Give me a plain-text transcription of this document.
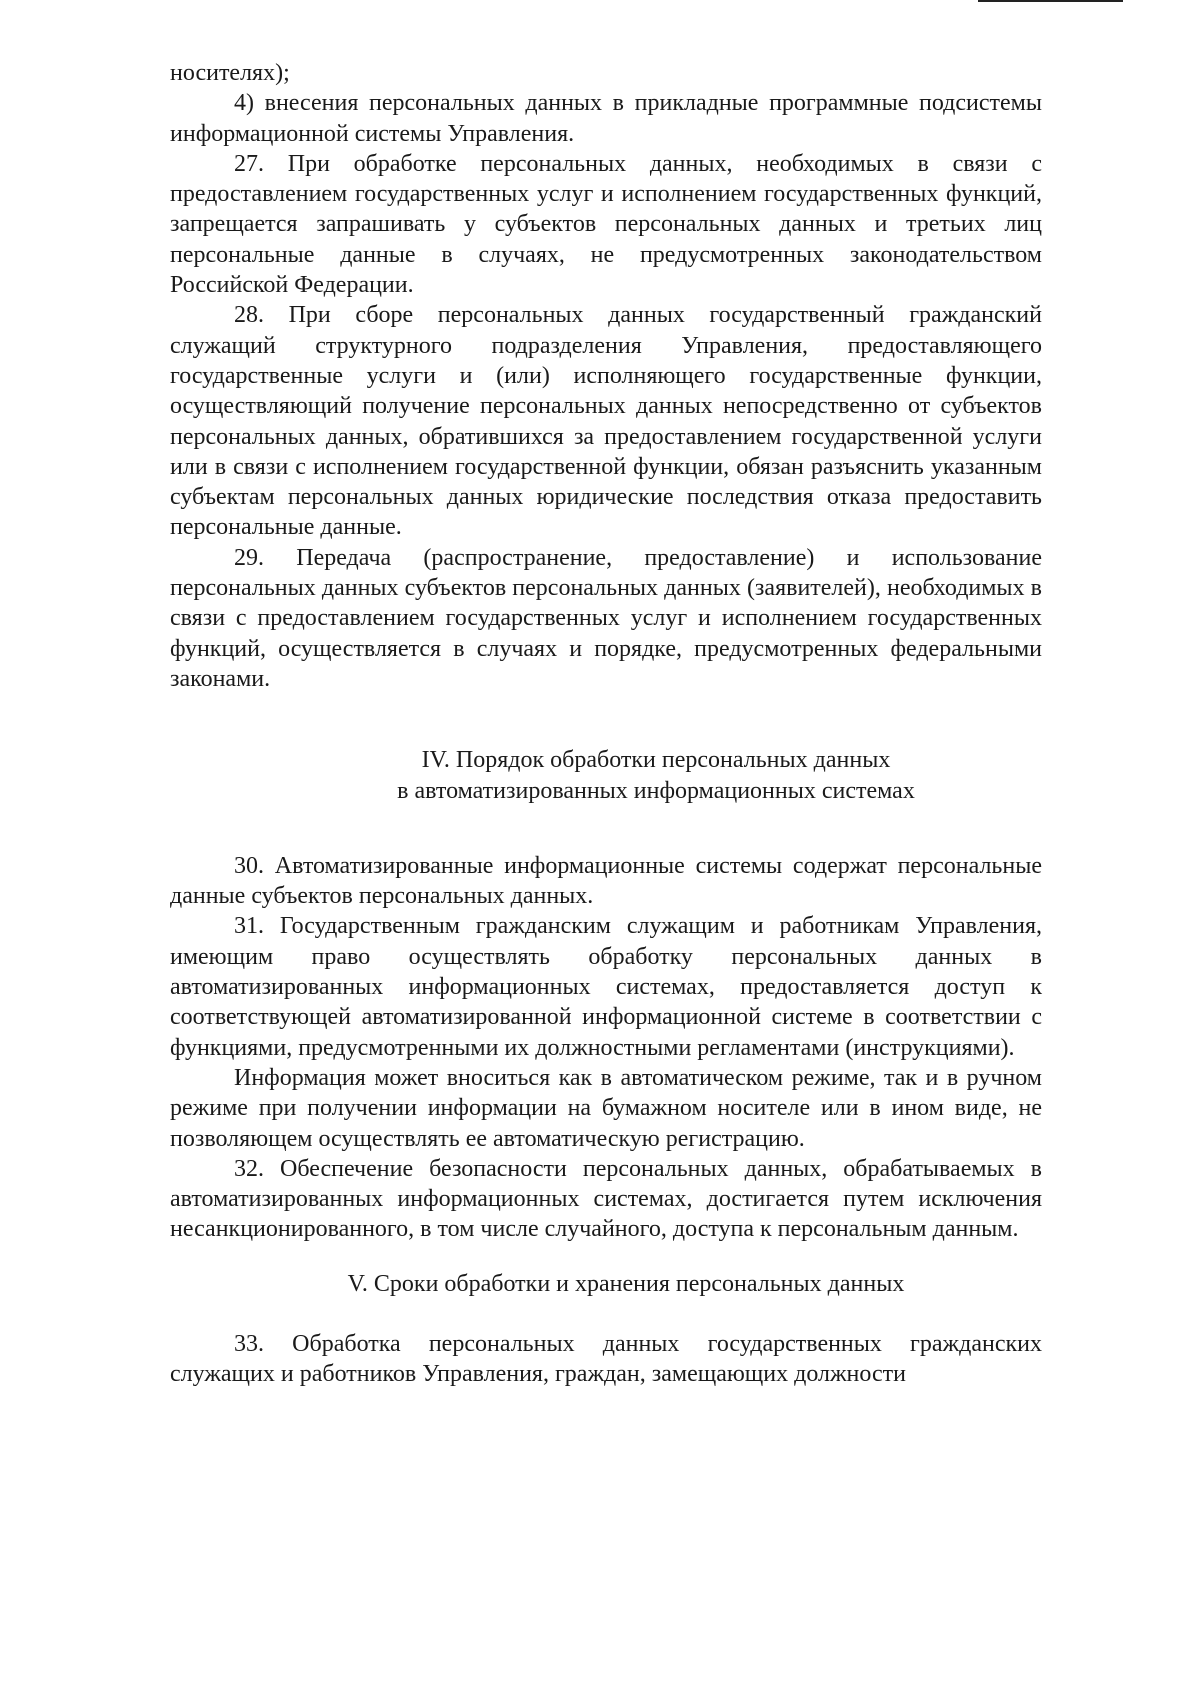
носителях);

4) внесения персональных данных в прикладные программные подсистемы информационной системы Управления.

27. При обработке персональных данных, необходимых в связи с предоставлением государственных услуг и исполнением государственных функций, запрещается запрашивать у субъектов персональных данных и третьих лиц персональные данные в случаях, не предусмотренных законодательством Российской Федерации.

28. При сборе персональных данных государственный гражданский служащий структурного подразделения Управления, предоставляющего государственные услуги и (или) исполняющего государственные функции, осуществляющий получение персональных данных непосредственно от субъектов персональных данных, обратившихся за предоставлением государственной услуги или в связи с исполнением государственной функции, обязан разъяснить указанным субъектам персональных данных юридические последствия отказа предоставить персональные данные.

29. Передача (распространение, предоставление) и использование персональных данных субъектов персональных данных (заявителей), необходимых в связи с предоставлением государственных услуг и исполнением государственных функций, осуществляется в случаях и порядке, предусмотренных федеральными законами.

IV. Порядок обработки персональных данных
в автоматизированных информационных системах

30. Автоматизированные информационные системы содержат персональные данные субъектов персональных данных.

31. Государственным гражданским служащим и работникам Управления, имеющим право осуществлять обработку персональных данных в автоматизированных информационных системах, предоставляется доступ к соответствующей автоматизированной информационной системе в соответствии с функциями, предусмотренными их должностными регламентами (инструкциями).

Информация может вноситься как в автоматическом режиме, так и в ручном режиме при получении информации на бумажном носителе или в ином виде, не позволяющем осуществлять ее автоматическую регистрацию.

32. Обеспечение безопасности персональных данных, обрабатываемых в автоматизированных информационных системах, достигается путем исключения несанкционированного, в том числе случайного, доступа к персональным данным.

V. Сроки обработки и хранения персональных данных

33. Обработка персональных данных государственных гражданских служащих и работников Управления, граждан, замещающих должности
